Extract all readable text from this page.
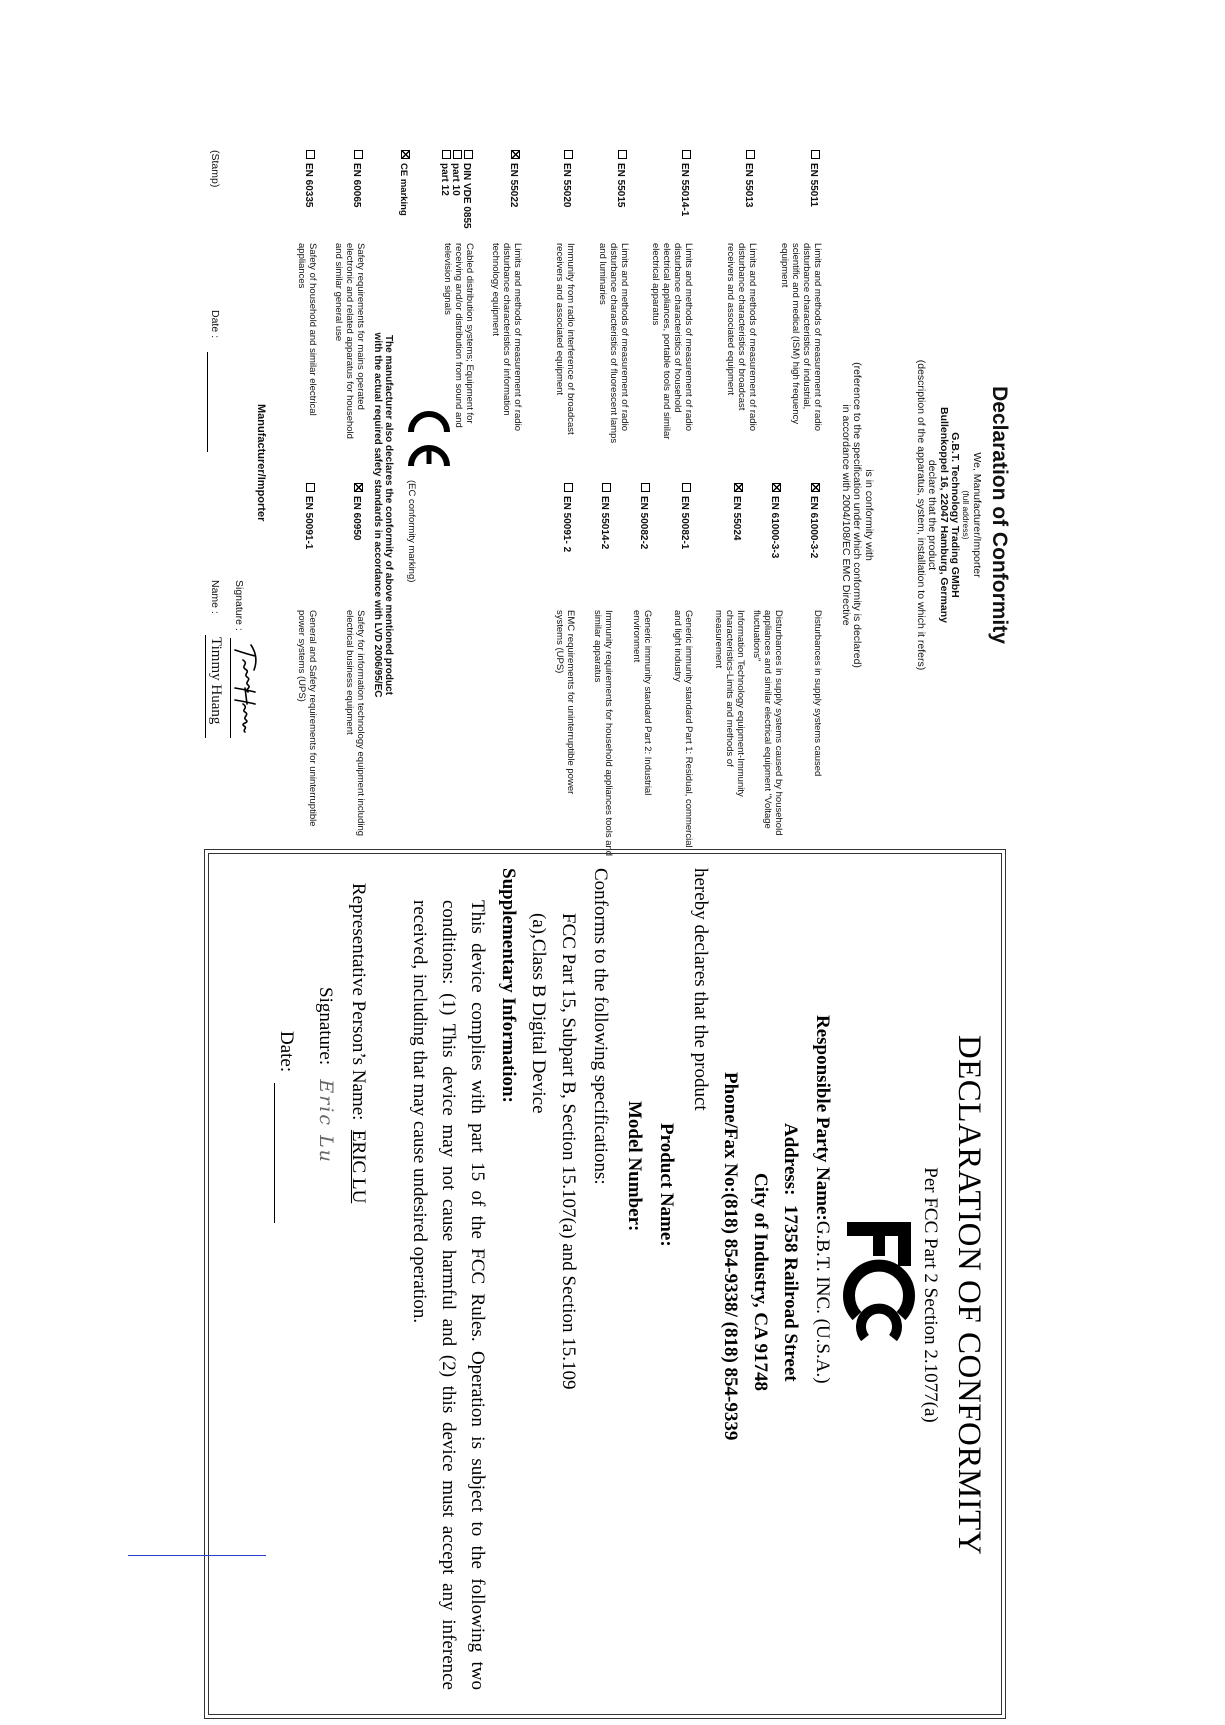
Declaration of Conformity
We, Manufacturer/Importer
(full address)
G.B.T. Technology Trading GMbH
Bullenkoppel 16, 22047 Hamburg, Germany
declare that the product
(description of the apparatus, system, installation to which it refers)
is in conformity with
(reference to the specification under which conformity is declared)
in accordance with 2004/108/EC EMC Directive
EN 55011
Limits and methods of measurement of radio disturbance characteristics of industrial, scientific and medical (ISM) high frequency equipment
EN 55013
Limits and methods of measurement of radio disturbance characteristics of broadcast receivers and associated equipment
EN 55014-1
Limits and methods of measurement of radio disturbance characteristics of household electrical appliances, portable tools and similar electrical apparatus
EN 55015
Limits and methods of measurement of radio disturbance characteristics of fluorescent lamps and luminaries
EN 55020
Immunity from radio interference of broadcast receivers and associated equipment
EN 55022
Limits and methods of measurement of radio disturbance characteristics of information technology equipment
DIN VDE 0855
part 10
part 12
Cabled distribution systems; Equipment for receiving and/or distribution from sound and television signals
CE marking
EN 61000-3-2
Disturbances in supply systems caused
EN 61000-3-3
Disturbances in supply systems caused by household appliances and similar electrical equipment "Voltage fluctuations"
EN 55024
Information Technology equipment-Immunity characteristics-Limits and methods of measurement
EN 50082-1
Generic immunity standard Part 1: Residual, commercial and light industry
EN 50082-2
Generic immunity standard Part 2: Industrial environment
EN 55014-2
Immunity requirements for household appliances tools and similar apparatus
EN 50091- 2
EMC requirements for uninterruptible power systems (UPS)
(EC conformity marking)
The manufacturer also declares the conformity of above mentioned product
with the actual required safety standards in accordance with LVD 2006/95/EC
EN 60065
Safety requirements for mains operated electronic and related apparatus for household and similar general use
EN 60950
Safety for information technology equipment including electrical business equipment
EN 60335
Safety of household and similar electrical appliances
EN 50091-1
General and Safety requirements for uninterruptible power systems (UPS)
Manufacturer/Importer
Signature :
(Stamp)
Date :
Name :
Timmy Huang
DECLARATION OF CONFORMITY
Per FCC Part 2 Section 2.1077(a)
Responsible Party Name:G.B.T. INC. (U.S.A.)
Address:  17358 Railroad Street
City of Industry, CA 91748
Phone/Fax No:(818) 854-9338/ (818) 854-9339
hereby declares that the product
Product Name:
Model Number:
Conforms to the following specifications:
FCC Part 15, Subpart B, Section 15.107(a) and Section 15.109
(a),Class B Digital Device
Supplementary Information:
This device complies with part 15 of the FCC Rules. Operation is subject to the following two conditions: (1) This device may not cause harmful and (2) this device must accept any inference received, including that may cause undesired operation.
Representative Person’s Name:  ERIC LU
Signature:   Eric Lu
Date:
